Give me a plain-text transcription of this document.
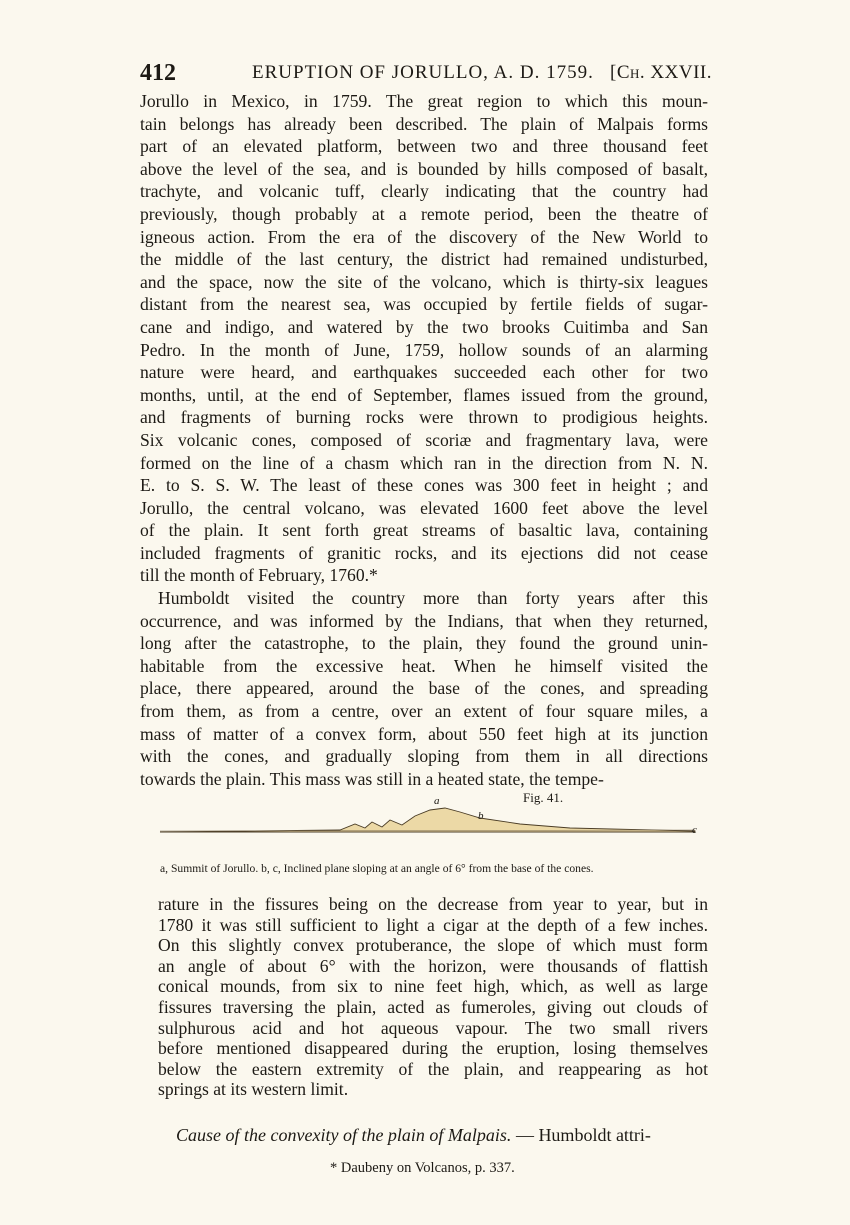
412	ERUPTION OF JORULLO, A. D. 1759. [Ch. XXVII.
Jorullo in Mexico, in 1759. The great region to which this moun-
tain belongs has already been described. The plain of Malpais forms
part of an elevated platform, between two and three thousand feet
above the level of the sea, and is bounded by hills composed of basalt,
trachyte, and volcanic tuff, clearly indicating that the country had
previously, though probably at a remote period, been the theatre of
igneous action. From the era of the discovery of the New World to
the middle of the last century, the district had remained undisturbed,
and the space, now the site of the volcano, which is thirty-six leagues
distant from the nearest sea, was occupied by fertile fields of sugar-
cane and indigo, and watered by the two brooks Cuitimba and San
Pedro. In the month of June, 1759, hollow sounds of an alarming
nature were heard, and earthquakes succeeded each other for two
months, until, at the end of September, flames issued from the ground,
and fragments of burning rocks were thrown to prodigious heights.
Six volcanic cones, composed of scoriæ and fragmentary lava, were
formed on the line of a chasm which ran in the direction from N. N.
E. to S. S. W. The least of these cones was 300 feet in height ; and
Jorullo, the central volcano, was elevated 1600 feet above the level
of the plain. It sent forth great streams of basaltic lava, containing
included fragments of granitic rocks, and its ejections did not cease
till the month of February, 1760.*
Humboldt visited the country more than forty years after this
occurrence, and was informed by the Indians, that when they returned,
long after the catastrophe, to the plain, they found the ground unin-
habitable from the excessive heat. When he himself visited the
place, there appeared, around the base of the cones, and spreading
from them, as from a centre, over an extent of four square miles, a
mass of matter of a convex form, about 550 feet high at its junction
with the cones, and gradually sloping from them in all directions
towards the plain. This mass was still in a heated state, the tempe-
a
b
c
Fig. 41.
a, Summit of Jorullo. b, c, Inclined plane sloping at an angle of 6° from the base of the cones.
rature in the fissures being on the decrease from year to year, but in
1780 it was still sufficient to light a cigar at the depth of a few inches.
On this slightly convex protuberance, the slope of which must form
an angle of about 6° with the horizon, were thousands of flattish
conical mounds, from six to nine feet high, which, as well as large
fissures traversing the plain, acted as fumeroles, giving out clouds of
sulphurous acid and hot aqueous vapour. The two small rivers
before mentioned disappeared during the eruption, losing themselves
below the eastern extremity of the plain, and reappearing as hot
springs at its western limit.
Cause of the convexity of the plain of Malpais. — Humboldt attri-
* Daubeny on Volcanos, p. 337.
